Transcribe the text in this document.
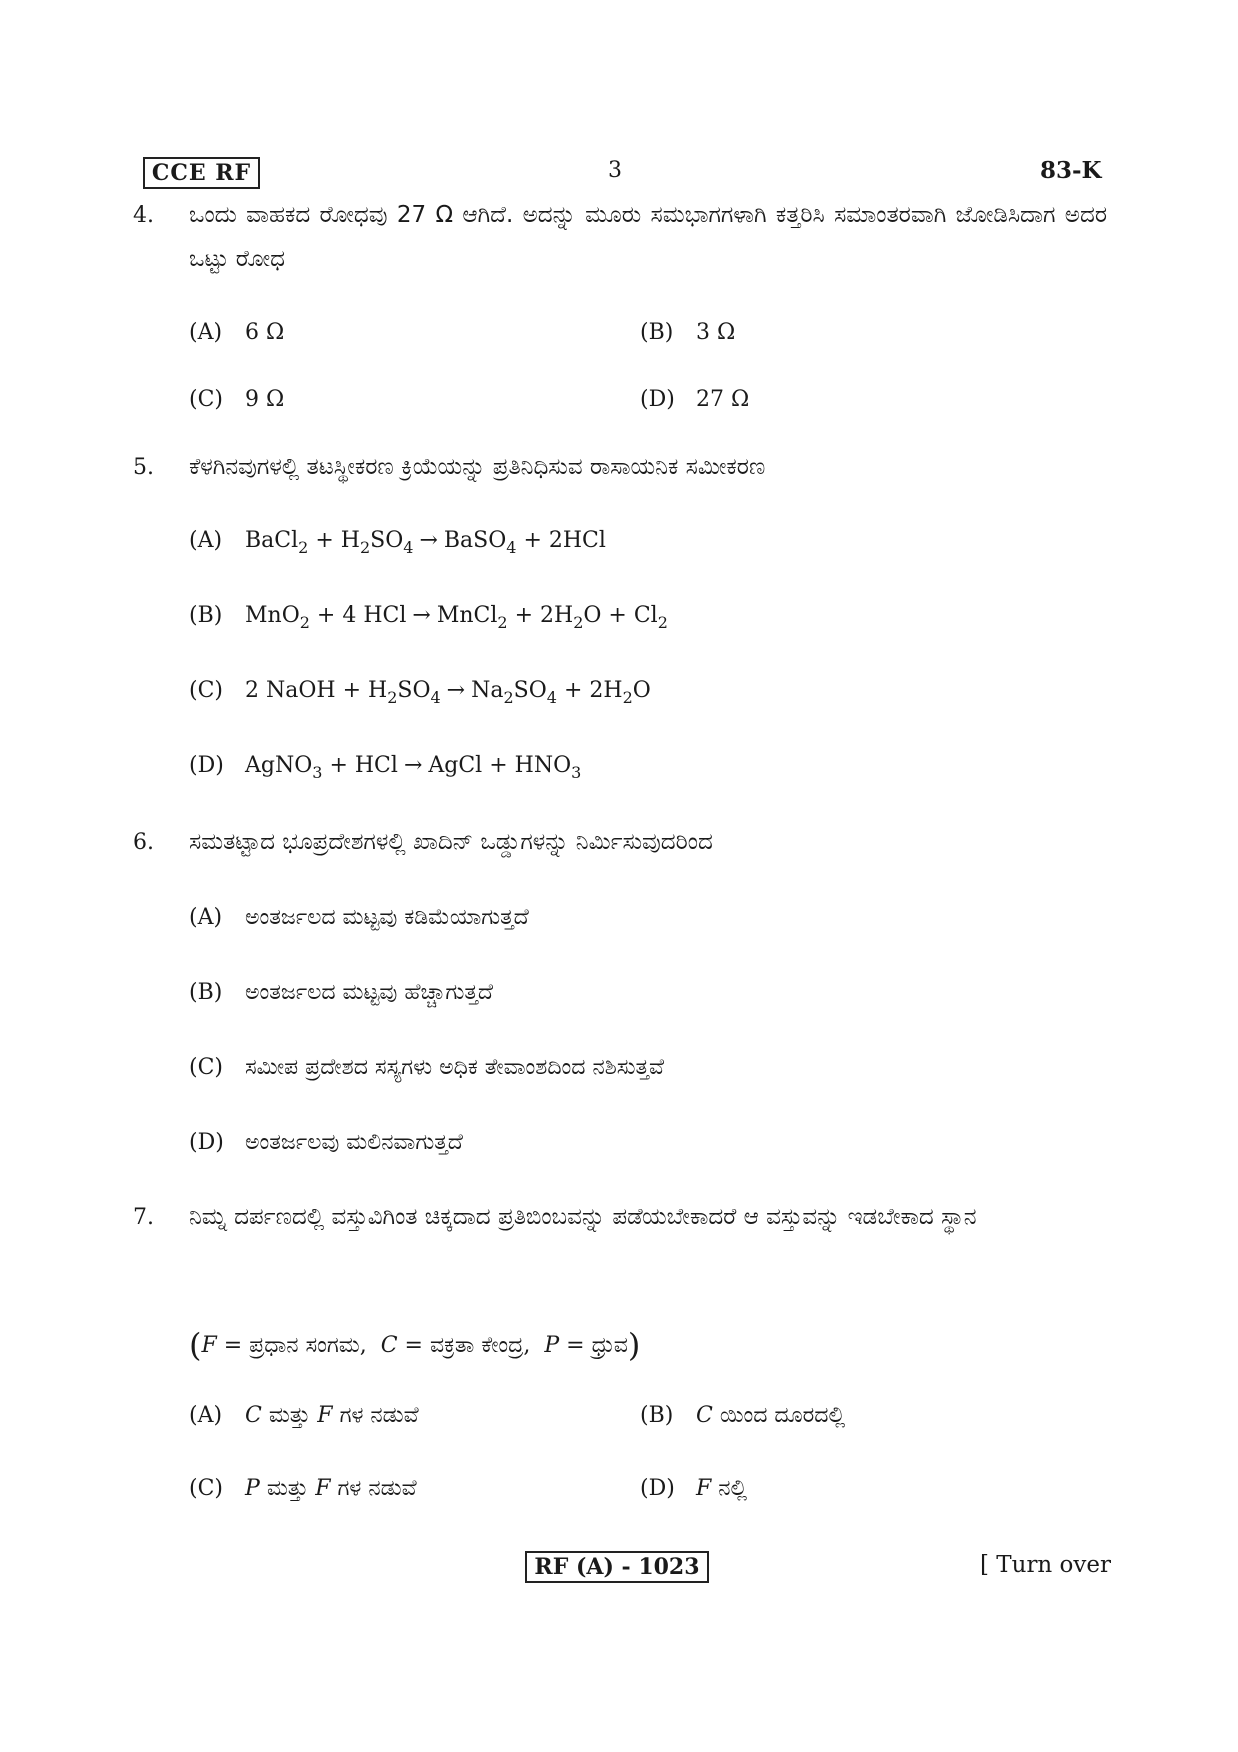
CCE RF	3	83-K
4. ಒಂದು ವಾಹಕದ ರೋಧವು 27 Ω ಆಗಿದೆ. ಅದನ್ನು ಮೂರು ಸಮಭಾಗಗಳಾಗಿ ಕತ್ತರಿಸಿ ಸಮಾಂತರವಾಗಿ ಜೋಡಿಸಿದಾಗ ಅದರ ಒಟ್ಟು ರೋಧ
(A) 6 Ω	(B) 3 Ω
(C) 9 Ω	(D) 27 Ω
5. ಕೆಳಗಿನವುಗಳಲ್ಲಿ ತಟಸ್ಥೀಕರಣ ಕ್ರಿಯೆಯನ್ನು ಪ್ರತಿನಿಧಿಸುವ ರಾಸಾಯನಿಕ ಸಮೀಕರಣ
(A) BaCl$_2$ + $H_2SO_4$ → BaSO$_4$ + 2HCl
(B) MnO$_2$ + 4 HCl → MnCl$_2$ + $2H_2O + Cl_2$
(C) 2 NaOH + $H_2SO_4 \to Na_2SO_4 + 2H_2O$
(D) AgNO$_3$ + HCl → AgCl + $HNO_3$
6. ಸಮತಟ್ಟಾದ ಭೂಪ್ರದೇಶಗಳಲ್ಲಿ ಖಾದಿನ್ ಒಡ್ಡುಗಳನ್ನು ನಿರ್ಮಿಸುವುದರಿಂದ
(A) ಅಂತರ್ಜಲದ ಮಟ್ಟವು ಕಡಿಮೆಯಾಗುತ್ತದೆ
(B) ಅಂತರ್ಜಲದ ಮಟ್ಟವು ಹೆಚ್ಚಾಗುತ್ತದೆ
(C) ಸಮೀಪ ಪ್ರದೇಶದ ಸಸ್ಯಗಳು ಅಧಿಕ ತೇವಾಂಶದಿಂದ ನಶಿಸುತ್ತವೆ
(D) ಅಂತರ್ಜಲವು ಮಲಿನವಾಗುತ್ತದೆ
7. ನಿಮ್ನ ದರ್ಪಣದಲ್ಲಿ ವಸ್ತುವಿಗಿಂತ ಚಿಕ್ಕದಾದ ಪ್ರತಿಬಿಂಬವನ್ನು ಪಡೆಯಬೇಕಾದರೆ ಆ ವಸ್ತುವನ್ನು ಇಡಬೇಕಾದ ಸ್ಥಾನ
(F = ಪ್ರಧಾನ ಸಂಗಮ,  C = ವಕ್ರತಾ ಕೇಂದ್ರ,  P = ಧ್ರುವ)
(A) C ಮತ್ತು F ಗಳ ನಡುವೆ	(B) C ಯಿಂದ ದೂರದಲ್ಲಿ
(C) P ಮತ್ತು F ಗಳ ನಡುವೆ	(D) F ನಲ್ಲಿ
RF (A) - 1023	[ Turn over
